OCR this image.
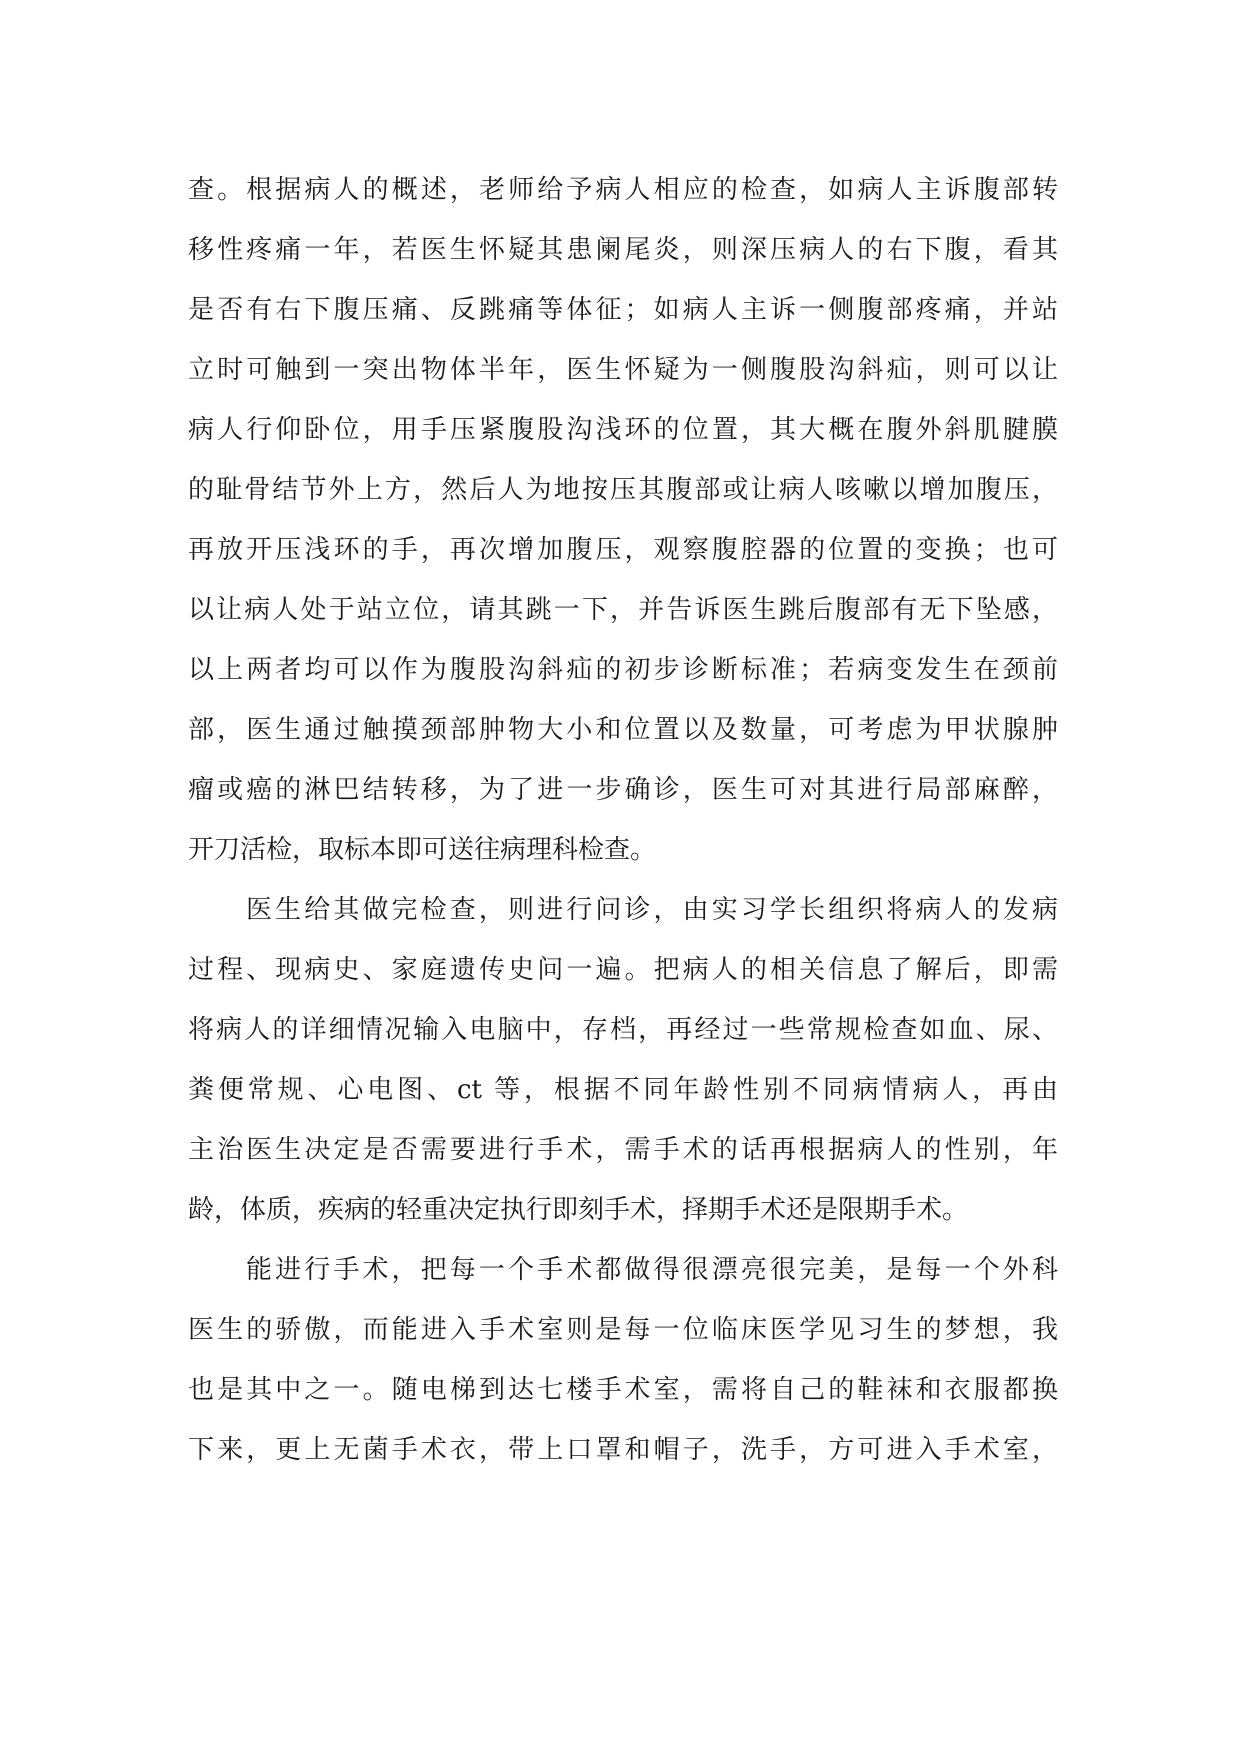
查。根据病人的概述，老师给予病人相应的检查，如病人主诉腹部转
移性疼痛一年，若医生怀疑其患阑尾炎，则深压病人的右下腹，看其
是否有右下腹压痛、反跳痛等体征；如病人主诉一侧腹部疼痛，并站
立时可触到一突出物体半年，医生怀疑为一侧腹股沟斜疝，则可以让
病人行仰卧位，用手压紧腹股沟浅环的位置，其大概在腹外斜肌腱膜
的耻骨结节外上方，然后人为地按压其腹部或让病人咳嗽以增加腹压，
再放开压浅环的手，再次增加腹压，观察腹腔器的位置的变换；也可
以让病人处于站立位，请其跳一下，并告诉医生跳后腹部有无下坠感，
以上两者均可以作为腹股沟斜疝的初步诊断标准；若病变发生在颈前
部，医生通过触摸颈部肿物大小和位置以及数量，可考虑为甲状腺肿
瘤或癌的淋巴结转移，为了进一步确诊，医生可对其进行局部麻醉，
开刀活检，取标本即可送往病理科检查。
医生给其做完检查，则进行问诊，由实习学长组织将病人的发病
过程、现病史、家庭遗传史问一遍。把病人的相关信息了解后，即需
将病人的详细情况输入电脑中，存档，再经过一些常规检查如血、尿、
粪便常规、心电图、ct 等，根据不同年龄性别不同病情病人，再由
主治医生决定是否需要进行手术，需手术的话再根据病人的性别，年
龄，体质，疾病的轻重决定执行即刻手术，择期手术还是限期手术。
能进行手术，把每一个手术都做得很漂亮很完美，是每一个外科
医生的骄傲，而能进入手术室则是每一位临床医学见习生的梦想，我
也是其中之一。随电梯到达七楼手术室，需将自己的鞋袜和衣服都换
下来，更上无菌手术衣，带上口罩和帽子，洗手，方可进入手术室，
